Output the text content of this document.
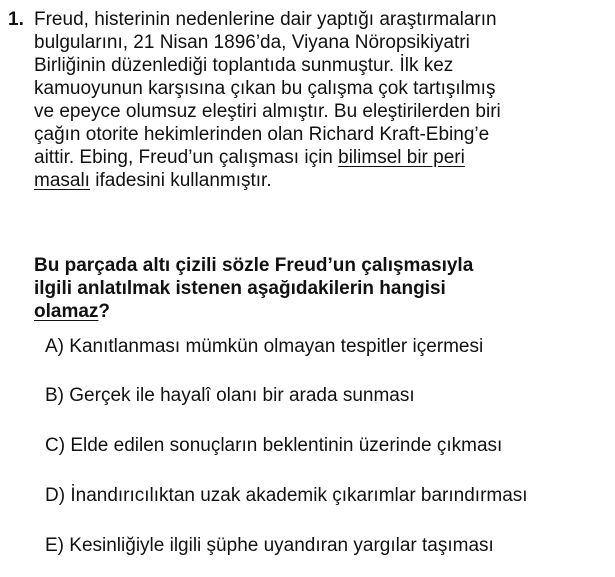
1. Freud, histerinin nedenlerine dair yaptığı araştırmaların

bulgularını, 21 Nisan 1896’da, Viyana Nöropsikiyatri

Birliğinin düzenlediği toplantıda sunmuştur. İlk kez

kamuoyunun karşısına çıkan bu çalışma çok tartışılmış

ve epeyce olumsuz eleştiri almıştır. Bu eleştirilerden biri

çağın otorite hekimlerinden olan Richard Kraft-Ebing’e

aittir. Ebing, Freud’un çalışması için bilimsel bir peri

masalı ifadesini kullanmıştır.

Bu parçada altı çizili sözle Freud’un çalışmasıyla

ilgili anlatılmak istenen aşağıdakilerin hangisi

olamaz?

A) Kanıtlanması mümkün olmayan tespitler içermesi
B) Gerçek ile hayalî olanı bir arada sunması
C) Elde edilen sonuçların beklentinin üzerinde çıkması
D) İnandırıcılıktan uzak akademik çıkarımlar barındırması
E) Kesinliğiyle ilgili şüphe uyandıran yargılar taşıması
